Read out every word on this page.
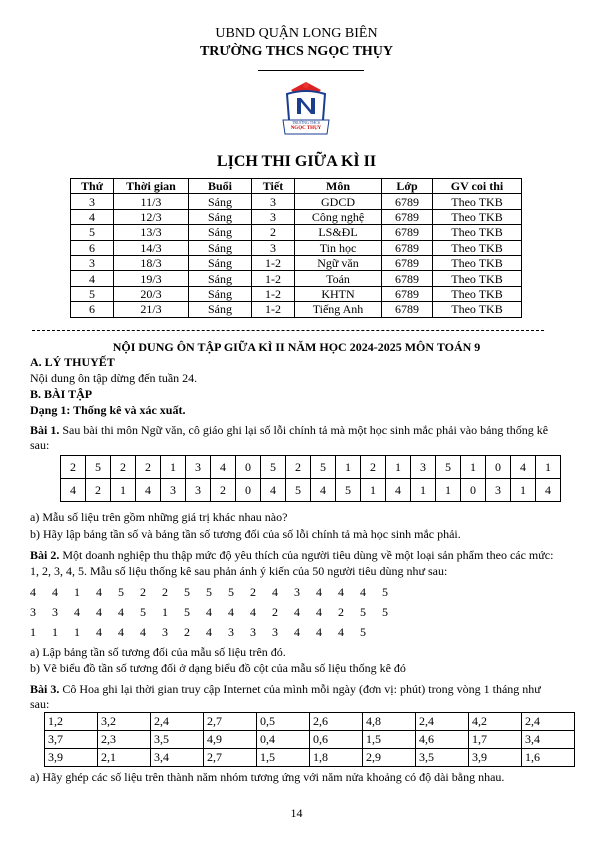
UBND QUẬN LONG BIÊN
TRƯỜNG THCS NGỌC THỤY
TRƯỜNG THCS
NGỌC THỤY
LỊCH THI GIỮA KÌ II
Thứ	Thời gian	Buổi	Tiết	Môn	Lớp	GV coi thi
3	11/3	Sáng	3	GDCD	6789	Theo TKB
4	12/3	Sáng	3	Công nghệ	6789	Theo TKB
5	13/3	Sáng	2	LS&ĐL	6789	Theo TKB
6	14/3	Sáng	3	Tin học	6789	Theo TKB
3	18/3	Sáng	1-2	Ngữ văn	6789	Theo TKB
4	19/3	Sáng	1-2	Toán	6789	Theo TKB
5	20/3	Sáng	1-2	KHTN	6789	Theo TKB
6	21/3	Sáng	1-2	Tiếng Anh	6789	Theo TKB
NỘI DUNG ÔN TẬP GIỮA KÌ II NĂM HỌC 2024-2025 MÔN TOÁN 9
A. LÝ THUYẾT
Nội dung ôn tập dừng đến tuần 24.
B. BÀI TẬP
Dạng 1: Thống kê và xác xuất.
Bài 1. Sau bài thi môn Ngữ văn, cô giáo ghi lại số lỗi chính tả mà một học sinh mắc phải vào bảng thống kê
sau:
2	5	2	2	1	3	4	0	5	2	5	1	2	1	3	5	1	0	4	1
4	2	1	4	3	3	2	0	4	5	4	5	1	4	1	1	0	3	1	4
a) Mẫu số liệu trên gồm những giá trị khác nhau nào?
b) Hãy lập bảng tần số và bảng tần số tương đối của số lỗi chính tả mà học sinh mắc phải.
Bài 2. Một doanh nghiệp thu thập mức độ yêu thích của người tiêu dùng về một loại sản phẩm theo các mức:
1, 2, 3, 4, 5. Mẫu số liệu thống kê sau phản ánh ý kiến của 50 người tiêu dùng như sau:
4 4 1 4 5 2 2 5 5 5 2 4 3 4 4 4 5
3 3 4 4 4 5 1 5 4 4 4 2 4 4 2 5 5
1 1 1 4 4 4 3 2 4 3 3 3 4 4 4 5
a) Lập bảng tần số tương đối của mẫu số liệu trên đó.
b) Vẽ biểu đồ tần số tương đối ở dạng biểu đồ cột của mẫu số liệu thống kê đó
Bài 3. Cô Hoa ghi lại thời gian truy cập Internet của mình mỗi ngày (đơn vị: phút) trong vòng 1 tháng như
sau:
1,2	3,2	2,4	2,7	0,5	2,6	4,8	2,4	4,2	2,4
3,7	2,3	3,5	4,9	0,4	0,6	1,5	4,6	1,7	3,4
3,9	2,1	3,4	2,7	1,5	1,8	2,9	3,5	3,9	1,6
a) Hãy ghép các số liệu trên thành năm nhóm tương ứng với năm nửa khoảng có độ dài bằng nhau.
14
